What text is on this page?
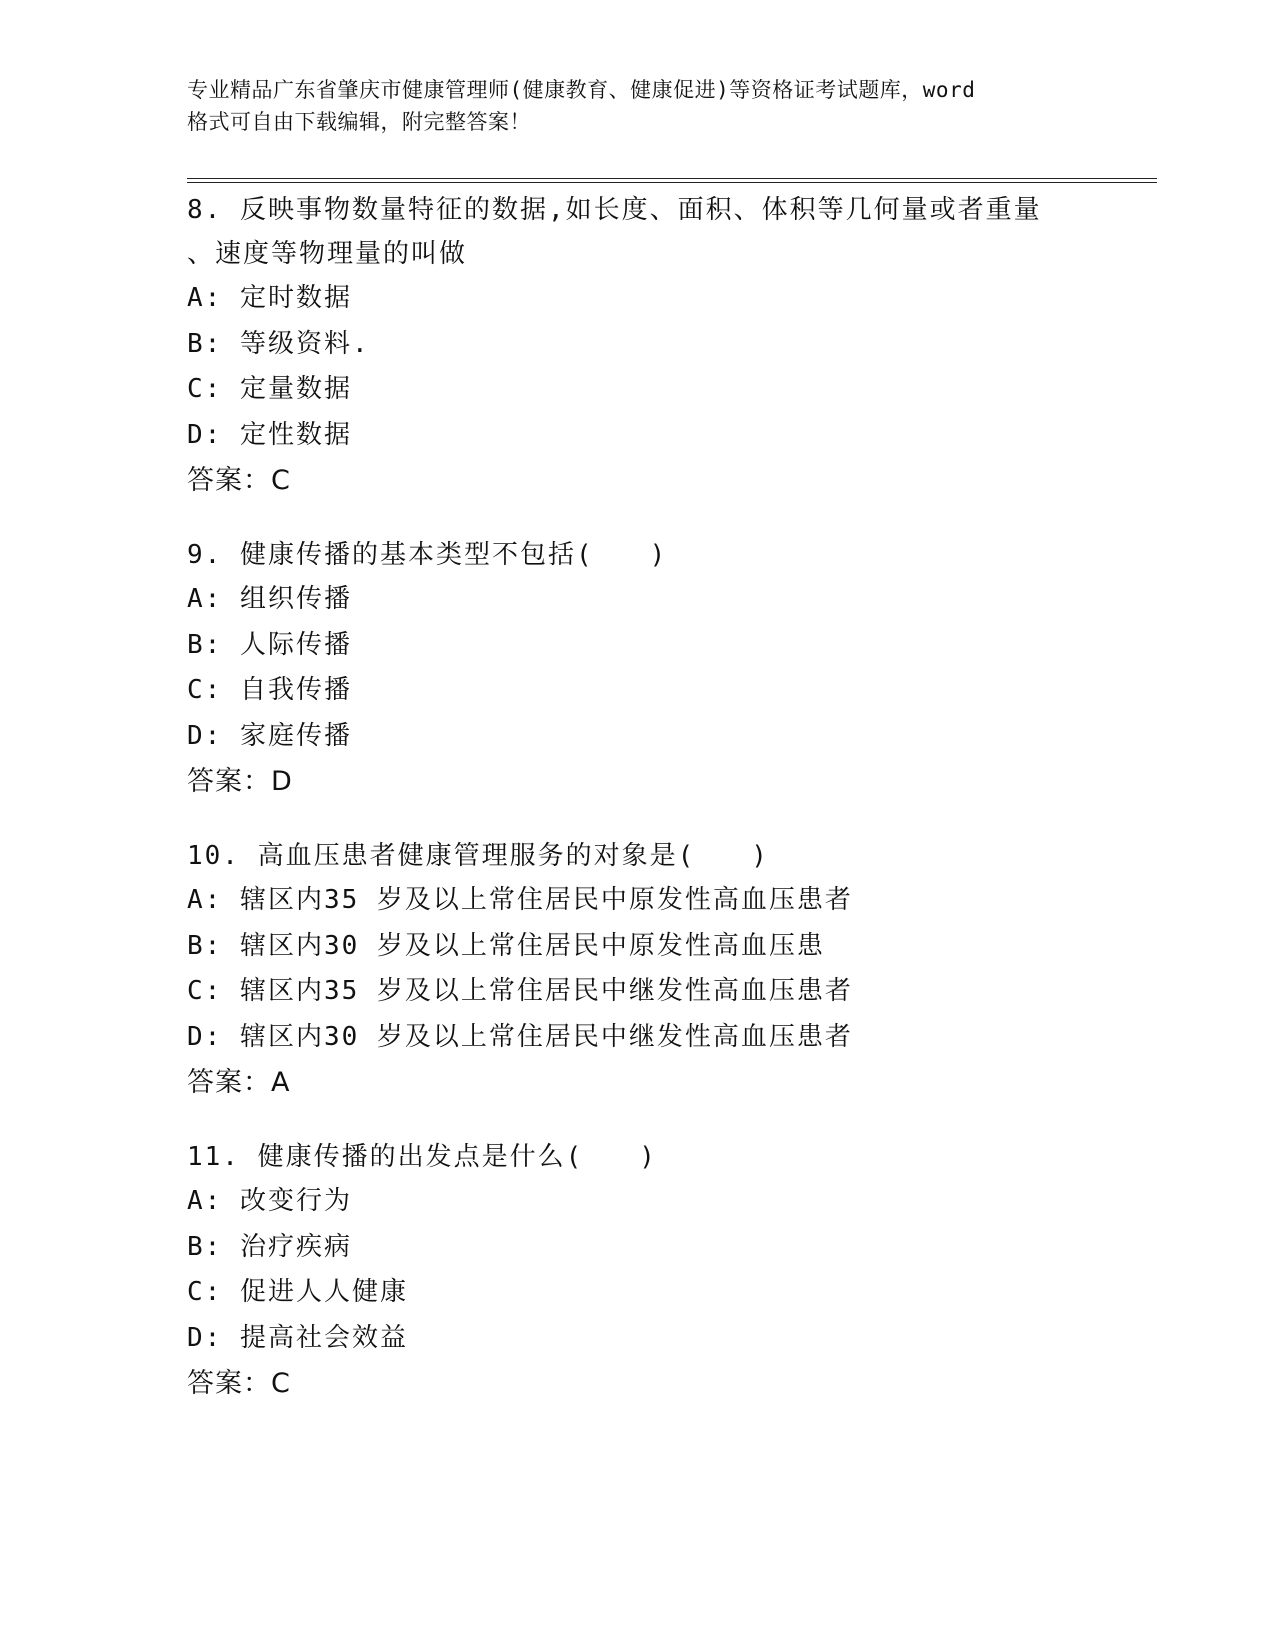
专业精品广东省肇庆市健康管理师(健康教育、健康促进)等资格证考试题库，word
格式可自由下载编辑，附完整答案！
8. 反映事物数量特征的数据,如长度、面积、体积等几何量或者重量
、速度等物理量的叫做
A: 定时数据
B: 等级资料.
C: 定量数据
D: 定性数据
答案：C
9. 健康传播的基本类型不包括(　　)
A: 组织传播
B: 人际传播
C: 自我传播
D: 家庭传播
答案：D
10. 高血压患者健康管理服务的对象是(　　)
A: 辖区内35 岁及以上常住居民中原发性高血压患者
B: 辖区内30 岁及以上常住居民中原发性高血压患
C: 辖区内35 岁及以上常住居民中继发性高血压患者
D: 辖区内30 岁及以上常住居民中继发性高血压患者
答案：A
11. 健康传播的出发点是什么(　　)
A: 改变行为
B: 治疗疾病
C: 促进人人健康
D: 提高社会效益
答案：C
